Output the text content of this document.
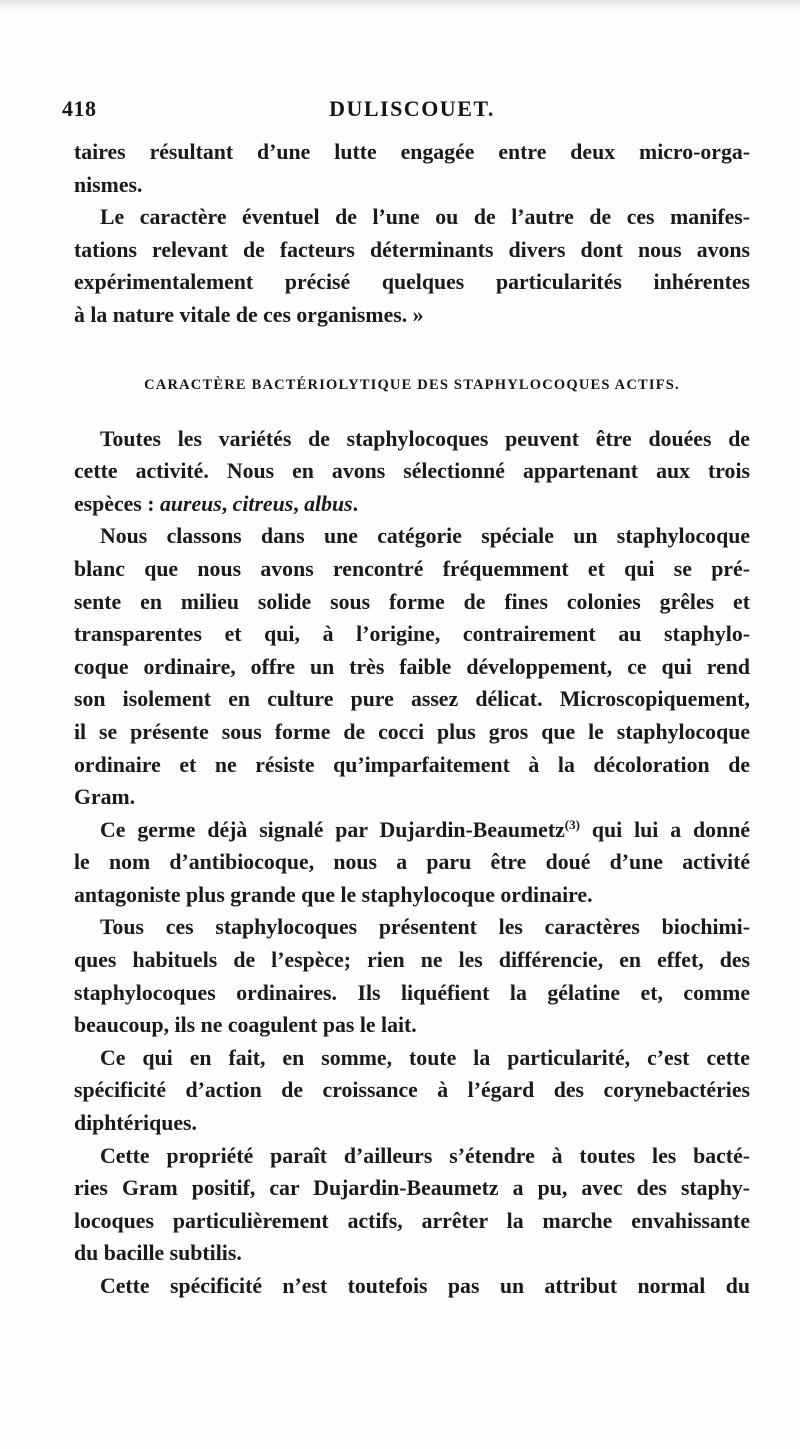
418	DULISCOUET.

taires résultant d’une lutte engagée entre deux micro-orga-
nismes.

Le caractère éventuel de l’une ou de l’autre de ces manifes-
tations relevant de facteurs déterminants divers dont nous avons
expérimentalement précisé quelques particularités inhérentes
à la nature vitale de ces organismes. »

CARACTÈRE BACTÉRIOLYTIQUE DES STAPHYLOCOQUES ACTIFS.

Toutes les variétés de staphylocoques peuvent être douées de
cette activité. Nous en avons sélectionné appartenant aux trois
espèces : aureus, citreus, albus.

Nous classons dans une catégorie spéciale un staphylocoque
blanc que nous avons rencontré fréquemment et qui se pré-
sente en milieu solide sous forme de fines colonies grêles et
transparentes et qui, à l’origine, contrairement au staphylo-
coque ordinaire, offre un très faible développement, ce qui rend
son isolement en culture pure assez délicat. Microscopiquement,
il se présente sous forme de cocci plus gros que le staphylocoque
ordinaire et ne résiste qu’imparfaitement à la décoloration de
Gram.

Ce germe déjà signalé par Dujardin-Beaumetz$^{(3)}$ qui lui a donné
le nom d’antibiocoque, nous a paru être doué d’une activité
antagoniste plus grande que le staphylocoque ordinaire.

Tous ces staphylocoques présentent les caractères biochimi-
ques habituels de l’espèce; rien ne les différencie, en effet, des
staphylocoques ordinaires. Ils liquéfient la gélatine et, comme
beaucoup, ils ne coagulent pas le lait.

Ce qui en fait, en somme, toute la particularité, c’est cette
spécificité d’action de croissance à l’égard des corynebactéries
diphtériques.

Cette propriété paraît d’ailleurs s’étendre à toutes les bacté-
ries Gram positif, car Dujardin-Beaumetz a pu, avec des staphy-
locoques particulièrement actifs, arrêter la marche envahissante
du bacille subtilis.

Cette spécificité n’est toutefois pas un attribut normal du
